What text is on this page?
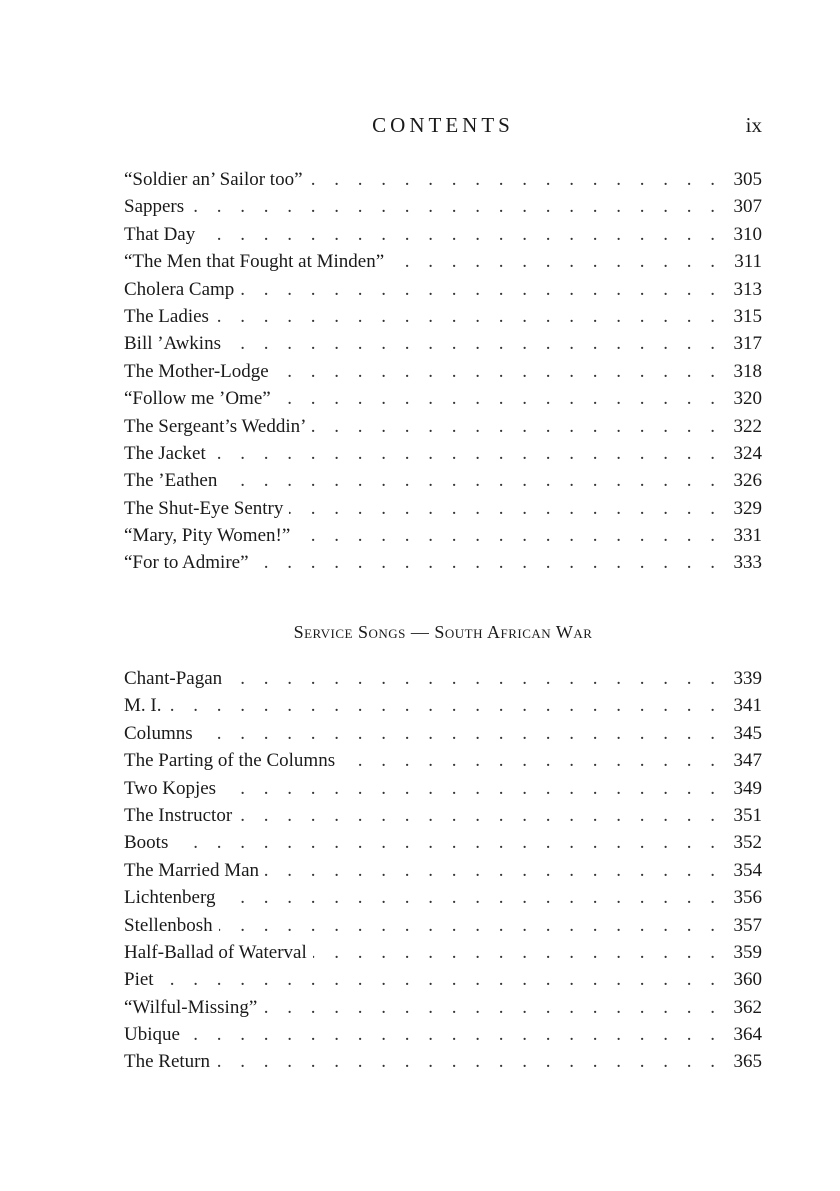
CONTENTS	ix
“Soldier an’ Sailor too” . . .	305
Sappers . . .	307
That Day . . .	310
“The Men that Fought at Minden” . . .	311
Cholera Camp . . .	313
The Ladies . . .	315
Bill ’Awkins . . .	317
The Mother-Lodge . . .	318
“Follow me ’Ome” . . .	320
The Sergeant’s Weddin’ . . .	322
The Jacket . . .	324
The ’Eathen . . .	326
The Shut-Eye Sentry . . .	329
“Mary, Pity Women!” . . .	331
“For to Admire” . . .	333
Service Songs — South African War
Chant-Pagan . . .	339
M. I. . . .	341
Columns . . .	345
The Parting of the Columns . . .	347
Two Kopjes . . .	349
The Instructor . . .	351
Boots . . .	352
The Married Man . . .	354
Lichtenberg . . .	356
Stellenbosh . . .	357
Half-Ballad of Waterval . . .	359
Piet . . .	360
“Wilful-Missing” . . .	362
Ubique . . .	364
The Return . . .	365
